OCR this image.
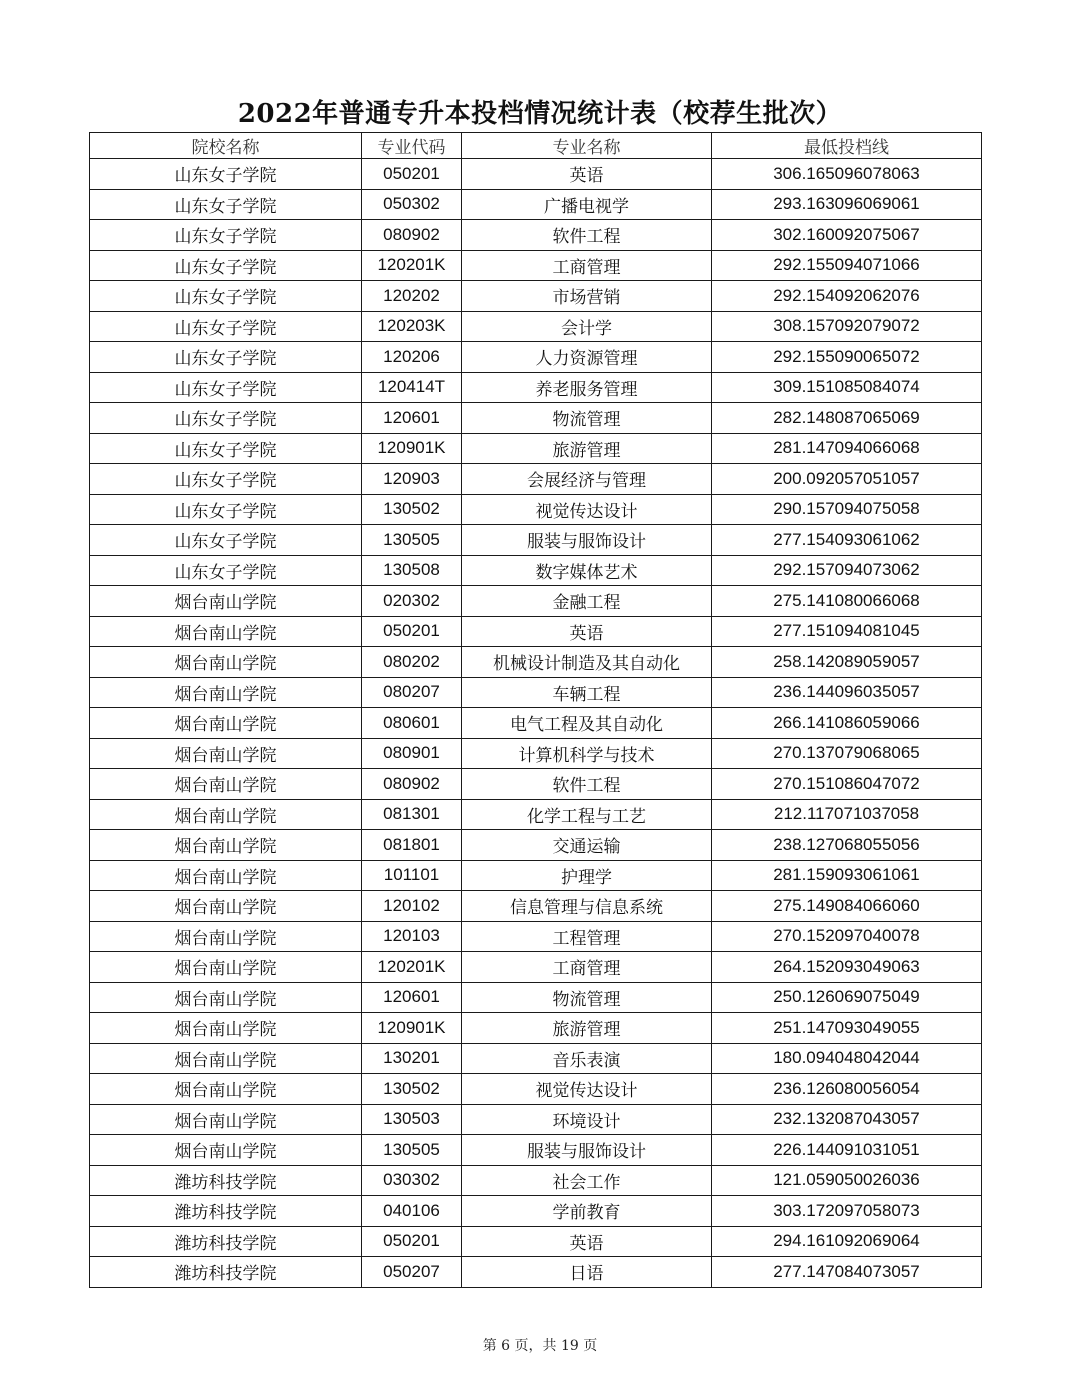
2022年普通专升本投档情况统计表（校荐生批次）
院校名称	专业代码	专业名称	最低投档线
山东女子学院	050201	英语	306.165096078063
山东女子学院	050302	广播电视学	293.163096069061
山东女子学院	080902	软件工程	302.160092075067
山东女子学院	120201K	工商管理	292.155094071066
山东女子学院	120202	市场营销	292.154092062076
山东女子学院	120203K	会计学	308.157092079072
山东女子学院	120206	人力资源管理	292.155090065072
山东女子学院	120414T	养老服务管理	309.151085084074
山东女子学院	120601	物流管理	282.148087065069
山东女子学院	120901K	旅游管理	281.147094066068
山东女子学院	120903	会展经济与管理	200.092057051057
山东女子学院	130502	视觉传达设计	290.157094075058
山东女子学院	130505	服装与服饰设计	277.154093061062
山东女子学院	130508	数字媒体艺术	292.157094073062
烟台南山学院	020302	金融工程	275.141080066068
烟台南山学院	050201	英语	277.151094081045
烟台南山学院	080202	机械设计制造及其自动化	258.142089059057
烟台南山学院	080207	车辆工程	236.144096035057
烟台南山学院	080601	电气工程及其自动化	266.141086059066
烟台南山学院	080901	计算机科学与技术	270.137079068065
烟台南山学院	080902	软件工程	270.151086047072
烟台南山学院	081301	化学工程与工艺	212.117071037058
烟台南山学院	081801	交通运输	238.127068055056
烟台南山学院	101101	护理学	281.159093061061
烟台南山学院	120102	信息管理与信息系统	275.149084066060
烟台南山学院	120103	工程管理	270.152097040078
烟台南山学院	120201K	工商管理	264.152093049063
烟台南山学院	120601	物流管理	250.126069075049
烟台南山学院	120901K	旅游管理	251.147093049055
烟台南山学院	130201	音乐表演	180.094048042044
烟台南山学院	130502	视觉传达设计	236.126080056054
烟台南山学院	130503	环境设计	232.132087043057
烟台南山学院	130505	服装与服饰设计	226.144091031051
潍坊科技学院	030302	社会工作	121.059050026036
潍坊科技学院	040106	学前教育	303.172097058073
潍坊科技学院	050201	英语	294.161092069064
潍坊科技学院	050207	日语	277.147084073057
第 6 页，共 19 页
